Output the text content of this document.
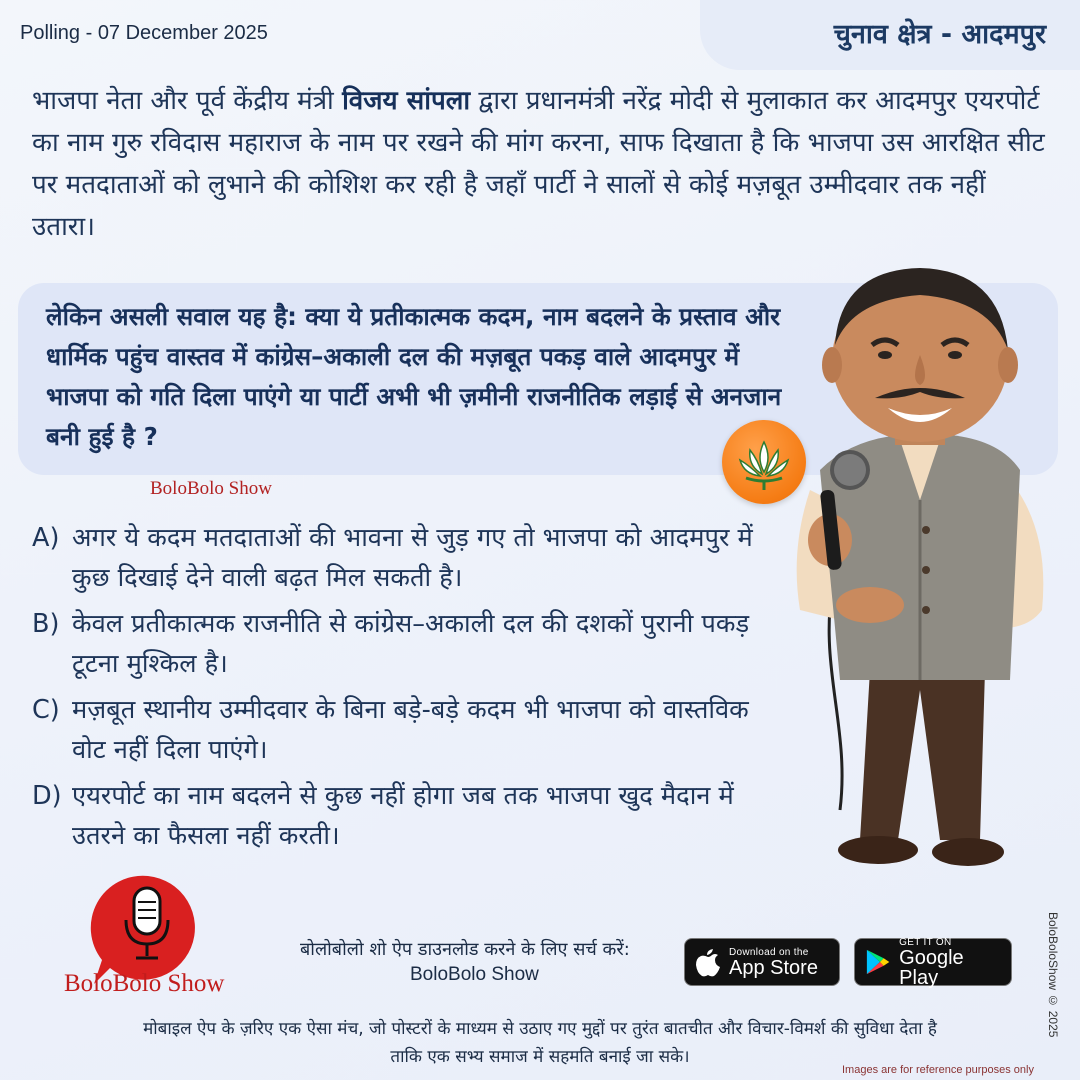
Polling - 07 December 2025	चुनाव क्षेत्र - आदमपुर
भाजपा नेता और पूर्व केंद्रीय मंत्री विजय सांपला द्वारा प्रधानमंत्री नरेंद्र मोदी से मुलाकात कर आदमपुर एयरपोर्ट का नाम गुरु रविदास महाराज के नाम पर रखने की मांग करना, साफ दिखाता है कि भाजपा उस आरक्षित सीट पर मतदाताओं को लुभाने की कोशिश कर रही है जहाँ पार्टी ने सालों से कोई मज़बूत उम्मीदवार तक नहीं उतारा।
लेकिन असली सवाल यह है: क्या ये प्रतीकात्मक कदम, नाम बदलने के प्रस्ताव और धार्मिक पहुंच वास्तव में कांग्रेस–अकाली दल की मज़बूत पकड़ वाले आदमपुर में भाजपा को गति दिला पाएंगे या पार्टी अभी भी ज़मीनी राजनीतिक लड़ाई से अनजान बनी हुई है ?
BoloBolo Show
A) अगर ये कदम मतदाताओं की भावना से जुड़ गए तो भाजपा को आदमपुर में कुछ दिखाई देने वाली बढ़त मिल सकती है।
B) केवल प्रतीकात्मक राजनीति से कांग्रेस–अकाली दल की दशकों पुरानी पकड़ टूटना मुश्किल है।
C) मज़बूत स्थानीय उम्मीदवार के बिना बड़े-बड़े कदम भी भाजपा को वास्तविक वोट नहीं दिला पाएंगे।
D) एयरपोर्ट का नाम बदलने से कुछ नहीं होगा जब तक भाजपा खुद मैदान में उतरने का फैसला नहीं करती।
BoloBolo Show
बोलोबोलो शो ऐप डाउनलोड करने के लिए सर्च करें:
BoloBolo Show
Download on the
App Store
GET IT ON
Google Play
मोबाइल ऐप के ज़रिए एक ऐसा मंच, जो पोस्टरों के माध्यम से उठाए गए मुद्दों पर तुरंत बातचीत और विचार-विमर्श की सुविधा देता है
ताकि एक सभ्य समाज में सहमति बनाई जा सके।
Images are for reference purposes only
BoloBoloShow © 2025
